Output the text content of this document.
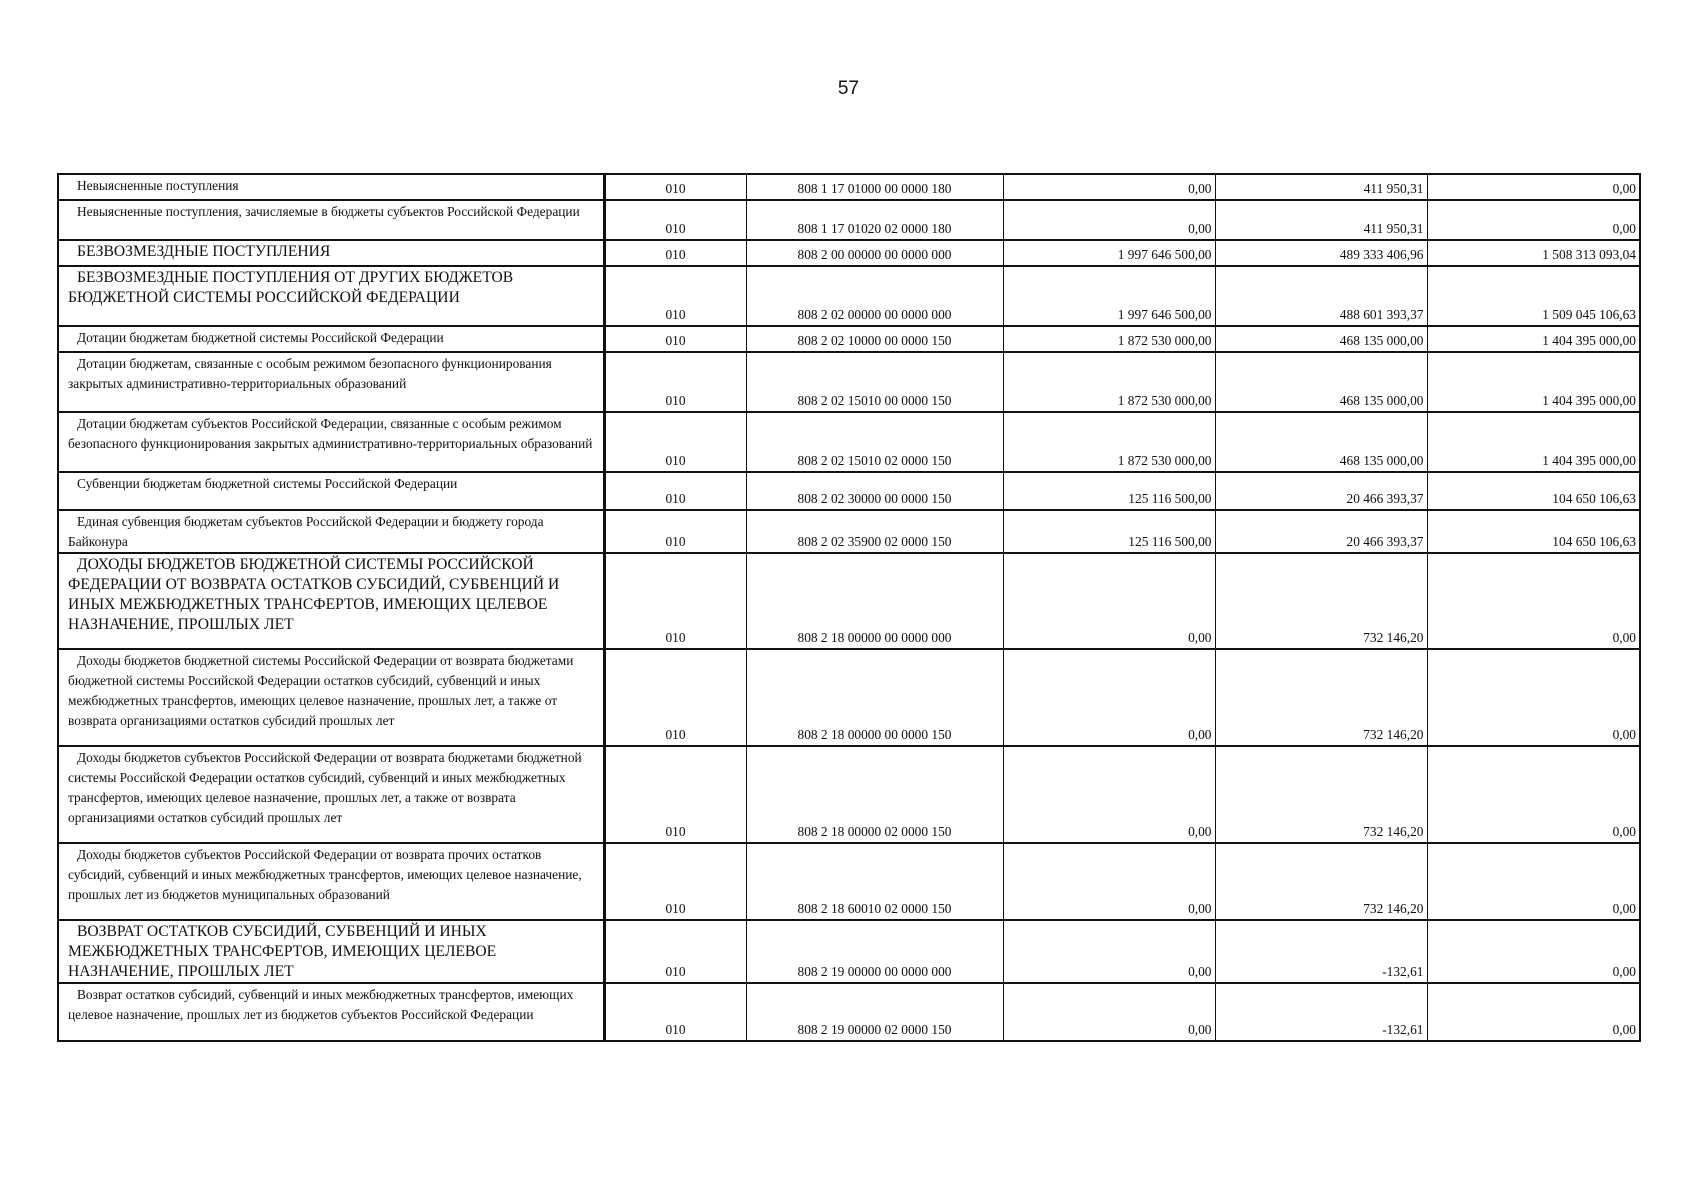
57
Невыясненные поступления	010	808 1 17 01000 00 0000 180	0,00	411 950,31	0,00

Невыясненные поступления, зачисляемые в бюджеты субъектов Российской Федерации	010	808 1 17 01020 02 0000 180	0,00	411 950,31	0,00

БЕЗВОЗМЕЗДНЫЕ ПОСТУПЛЕНИЯ	010	808 2 00 00000 00 0000 000	1 997 646 500,00	489 333 406,96	1 508 313 093,04

БЕЗВОЗМЕЗДНЫЕ ПОСТУПЛЕНИЯ ОТ ДРУГИХ БЮДЖЕТОВ БЮДЖЕТНОЙ СИСТЕМЫ РОССИЙСКОЙ ФЕДЕРАЦИИ	010	808 2 02 00000 00 0000 000	1 997 646 500,00	488 601 393,37	1 509 045 106,63

Дотации бюджетам бюджетной системы Российской Федерации	010	808 2 02 10000 00 0000 150	1 872 530 000,00	468 135 000,00	1 404 395 000,00

Дотации бюджетам, связанные с особым режимом безопасного функционирования закрытых административно-территориальных образований	010	808 2 02 15010 00 0000 150	1 872 530 000,00	468 135 000,00	1 404 395 000,00

Дотации бюджетам субъектов Российской Федерации, связанные с особым режимом безопасного функционирования закрытых административно-территориальных образований	010	808 2 02 15010 02 0000 150	1 872 530 000,00	468 135 000,00	1 404 395 000,00

Субвенции бюджетам бюджетной системы Российской Федерации	010	808 2 02 30000 00 0000 150	125 116 500,00	20 466 393,37	104 650 106,63

Единая субвенция бюджетам субъектов Российской Федерации и бюджету города Байконура	010	808 2 02 35900 02 0000 150	125 116 500,00	20 466 393,37	104 650 106,63

ДОХОДЫ БЮДЖЕТОВ БЮДЖЕТНОЙ СИСТЕМЫ РОССИЙСКОЙ ФЕДЕРАЦИИ ОТ ВОЗВРАТА ОСТАТКОВ СУБСИДИЙ, СУБВЕНЦИЙ И ИНЫХ МЕЖБЮДЖЕТНЫХ ТРАНСФЕРТОВ, ИМЕЮЩИХ ЦЕЛЕВОЕ НАЗНАЧЕНИЕ, ПРОШЛЫХ ЛЕТ	010	808 2 18 00000 00 0000 000	0,00	732 146,20	0,00

Доходы бюджетов бюджетной системы Российской Федерации от возврата бюджетами бюджетной системы Российской Федерации остатков субсидий, субвенций и иных межбюджетных трансфертов, имеющих целевое назначение, прошлых лет, а также от возврата организациями остатков субсидий прошлых лет	010	808 2 18 00000 00 0000 150	0,00	732 146,20	0,00

Доходы бюджетов субъектов Российской Федерации от возврата бюджетами бюджетной системы Российской Федерации остатков субсидий, субвенций и иных межбюджетных трансфертов, имеющих целевое назначение, прошлых лет, а также от возврата организациями остатков субсидий прошлых лет	010	808 2 18 00000 02 0000 150	0,00	732 146,20	0,00

Доходы бюджетов субъектов Российской Федерации от возврата прочих остатков субсидий, субвенций и иных межбюджетных трансфертов, имеющих целевое назначение, прошлых лет из бюджетов муниципальных образований	010	808 2 18 60010 02 0000 150	0,00	732 146,20	0,00

ВОЗВРАТ ОСТАТКОВ СУБСИДИЙ, СУБВЕНЦИЙ И ИНЫХ МЕЖБЮДЖЕТНЫХ ТРАНСФЕРТОВ, ИМЕЮЩИХ ЦЕЛЕВОЕ НАЗНАЧЕНИЕ, ПРОШЛЫХ ЛЕТ	010	808 2 19 00000 00 0000 000	0,00	-132,61	0,00

Возврат остатков субсидий, субвенций и иных межбюджетных трансфертов, имеющих целевое назначение, прошлых лет из бюджетов субъектов Российской Федерации	010	808 2 19 00000 02 0000 150	0,00	-132,61	0,00
